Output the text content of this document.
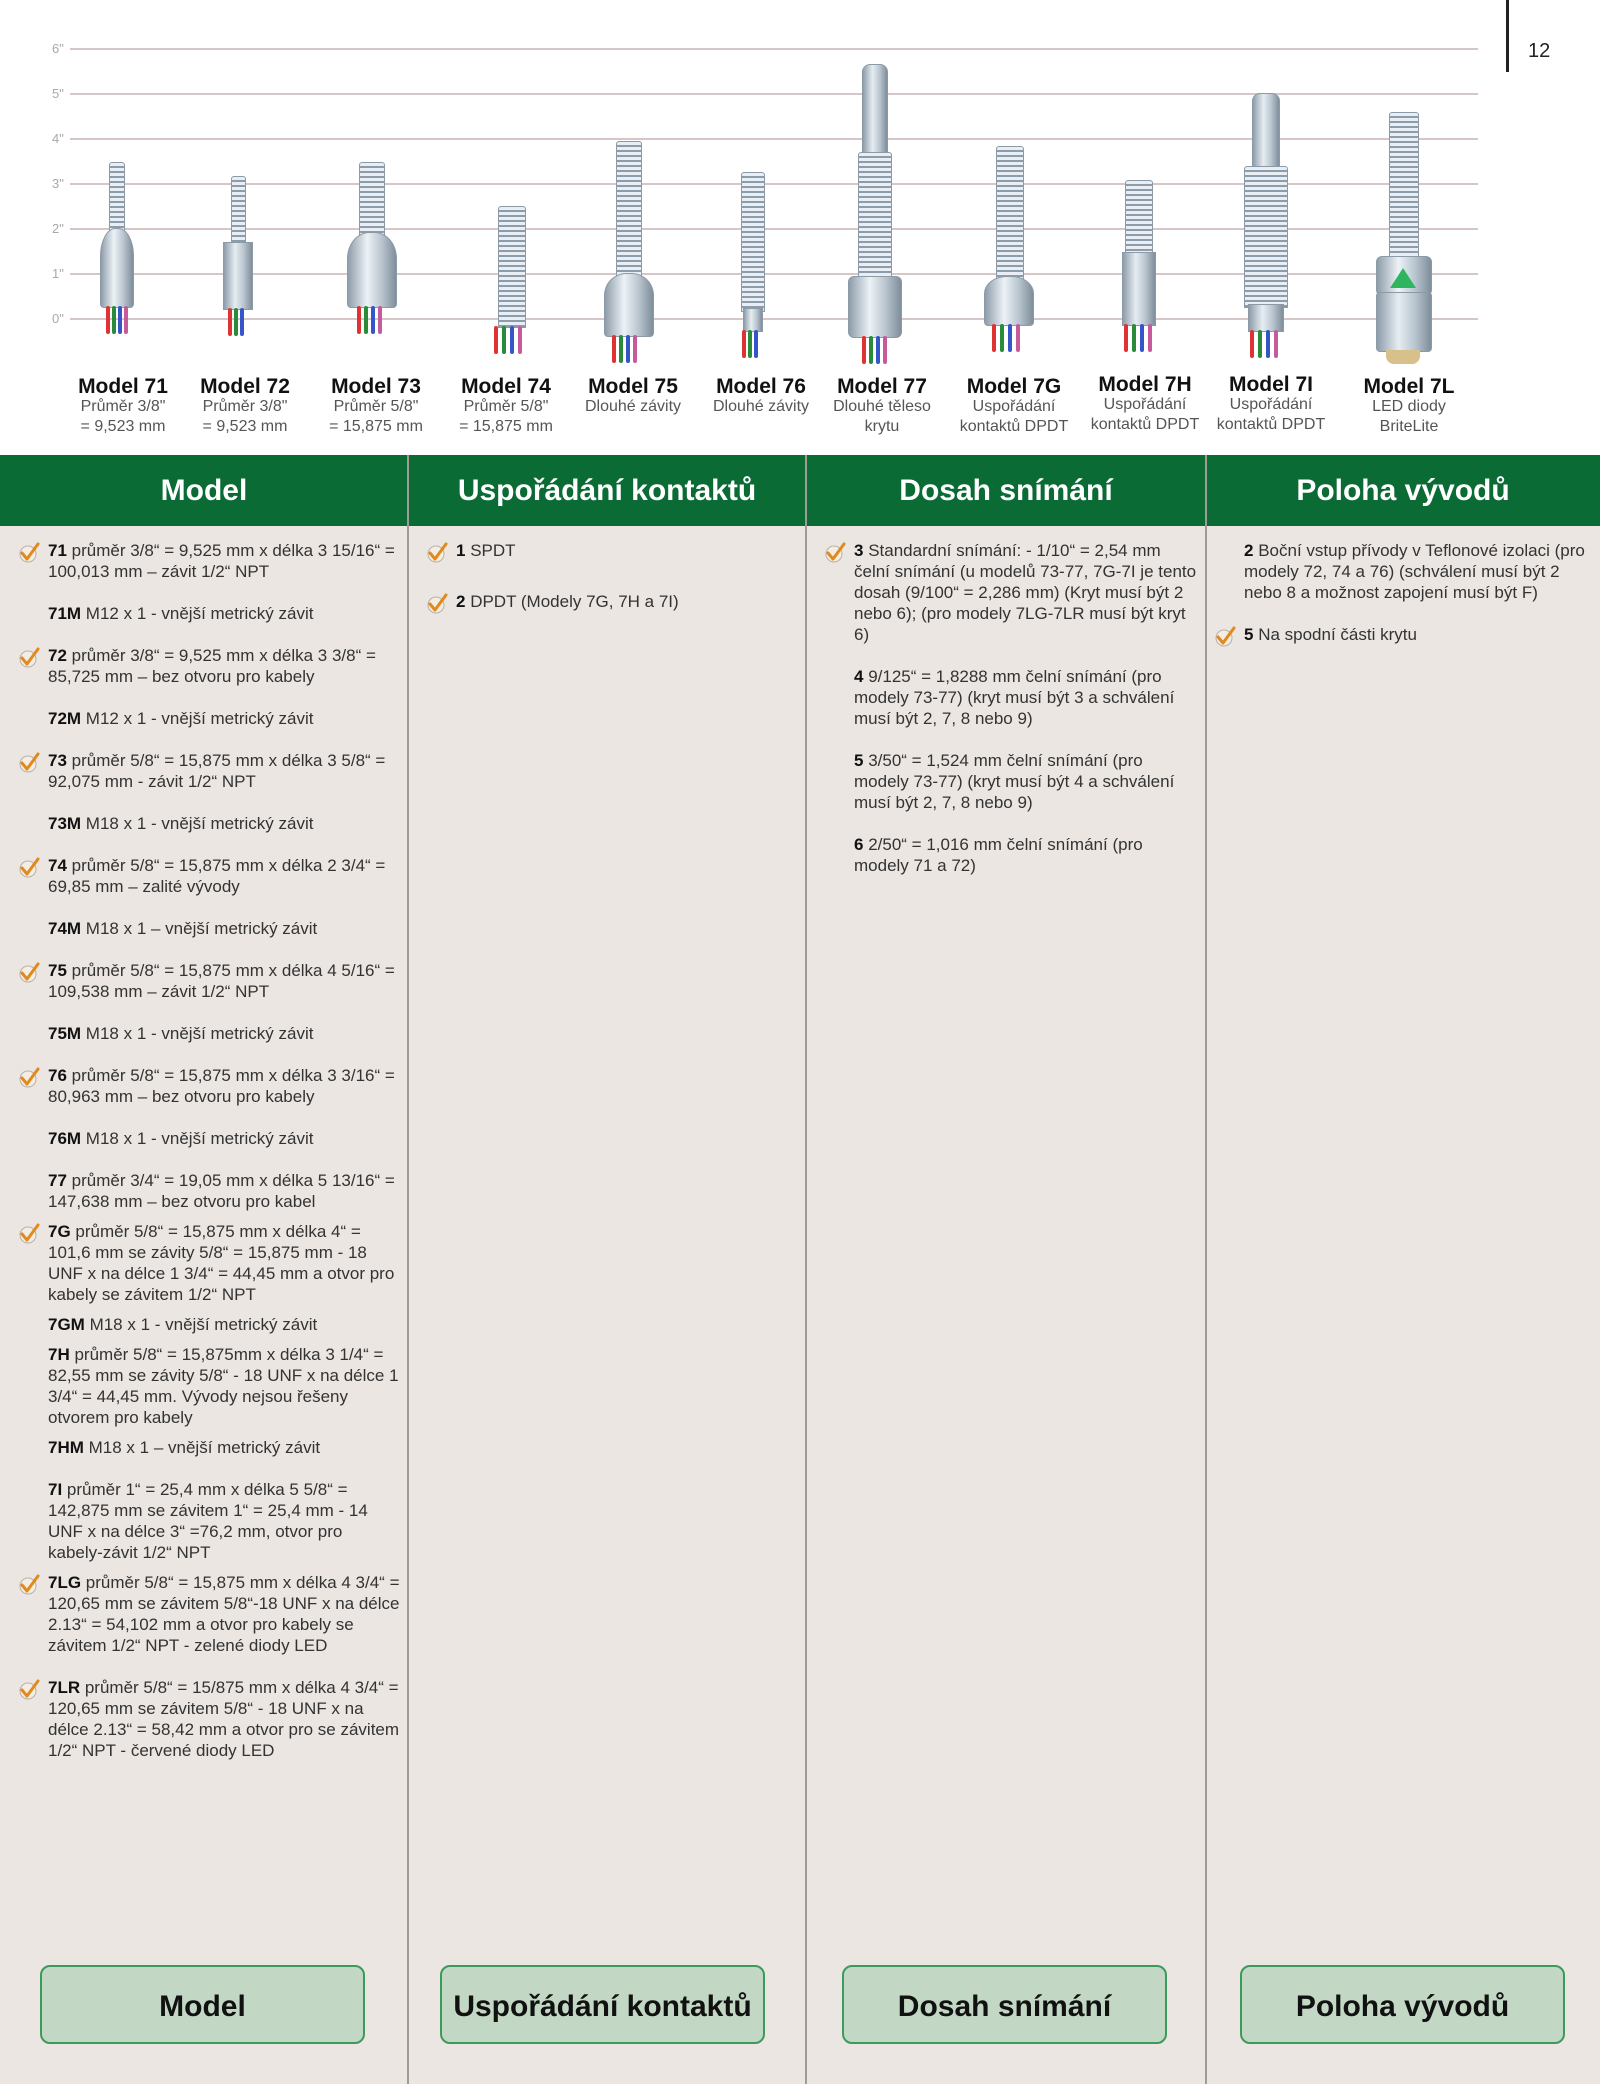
12
6"
5"
4"
3"
2"
1"
0"
Model 71
Průměr 3/8"
= 9,523 mm
Model 72
Průměr 3/8"
= 9,523 mm
Model 73
Průměr 5/8"
= 15,875 mm
Model 74
Průměr 5/8"
= 15,875 mm
Model 75
Dlouhé závity
Model 76
Dlouhé závity
Model 77
Dlouhé těleso
krytu
Model 7G
Uspořádání
kontaktů DPDT
Model 7H
Uspořádání
kontaktů DPDT
Model 7I
Uspořádání
kontaktů DPDT
Model 7L
LED diody
BriteLite
Model	Uspořádání kontaktů	Dosah snímání	Poloha vývodů
71 průměr 3/8“ = 9,525 mm x délka 3 15/16“ = 100,013 mm – závit 1/2“ NPT
71M M12 x 1 - vnější metrický závit
72 průměr 3/8“ = 9,525 mm x délka 3 3/8“ = 85,725 mm – bez otvoru pro kabely
72M M12 x 1 - vnější metrický závit
73 průměr 5/8“ = 15,875 mm x délka 3 5/8“ = 92,075 mm - závit 1/2“ NPT
73M M18 x 1 - vnější metrický závit
74 průměr 5/8“ = 15,875 mm x délka 2 3/4“ = 69,85 mm – zalité vývody
74M M18 x 1 – vnější metrický závit
75 průměr 5/8“ = 15,875 mm x délka 4 5/16“ = 109,538 mm – závit 1/2“ NPT
75M M18 x 1 - vnější metrický závit
76 průměr 5/8“ = 15,875 mm x délka 3 3/16“ = 80,963 mm – bez otvoru pro kabely
76M M18 x 1 - vnější metrický závit
77 průměr 3/4“ = 19,05 mm x délka 5 13/16“ = 147,638 mm – bez otvoru pro kabel
7G průměr 5/8“ = 15,875 mm x délka 4“ = 101,6 mm se závity 5/8“ = 15,875 mm - 18 UNF x na délce 1 3/4“ = 44,45 mm a otvor pro kabely se závitem 1/2“ NPT
7GM M18 x 1 - vnější metrický závit
7H průměr 5/8“ = 15,875mm x délka 3 1/4“ = 82,55 mm se závity 5/8“ - 18 UNF x na délce 1 3/4“ = 44,45 mm. Vývody nejsou řešeny otvorem pro kabely
7HM M18 x 1 – vnější metrický závit
7I průměr 1“ = 25,4 mm x délka 5 5/8“ = 142,875 mm se závitem 1“ = 25,4 mm - 14 UNF x na délce 3“ =76,2 mm, otvor pro kabely-závit 1/2“ NPT
7LG průměr 5/8“ = 15,875 mm x délka 4 3/4“ = 120,65 mm se závitem 5/8“-18 UNF x na délce 2.13“ = 54,102 mm a otvor pro kabely se závitem 1/2“ NPT - zelené diody LED
7LR průměr 5/8“ = 15/875 mm x délka 4 3/4“ = 120,65 mm se závitem 5/8“ - 18 UNF x na délce 2.13“ = 58,42 mm a otvor pro se závitem 1/2“ NPT - červené diody LED
1 SPDT
2 DPDT (Modely 7G, 7H a 7I)
3 Standardní snímání: - 1/10“ = 2,54 mm čelní snímání (u modelů 73-77, 7G-7I je tento dosah (9/100“ = 2,286 mm) (Kryt musí být 2 nebo 6); (pro modely 7LG-7LR musí být kryt 6)
4 9/125“ = 1,8288 mm čelní snímání (pro modely 73-77) (kryt musí být 3 a schválení musí být 2, 7, 8 nebo 9)
5 3/50“ = 1,524 mm čelní snímání (pro modely 73-77) (kryt musí být 4 a schválení musí být 2, 7, 8 nebo 9)
6 2/50“ = 1,016 mm čelní snímání (pro modely 71 a 72)
2 Boční vstup přívody v Teflonové izolaci (pro modely 72, 74 a 76) (schválení musí být 2 nebo 8 a možnost zapojení musí být F)
5 Na spodní části krytu
Model	Uspořádání kontaktů	Dosah snímání	Poloha vývodů
